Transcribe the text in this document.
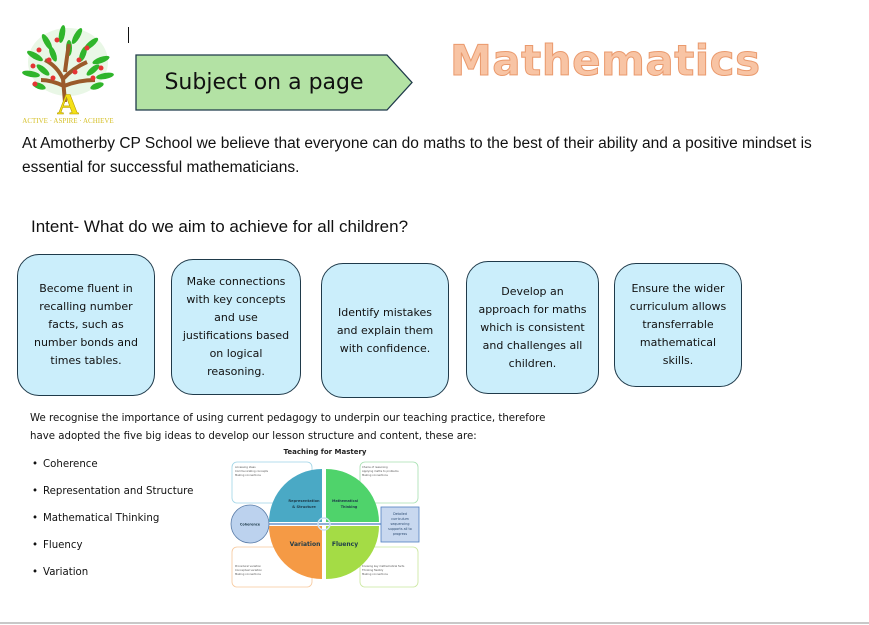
A
ACTIVE · ASPIRE · ACHIEVE
Subject on a page	Mathematics
At Amotherby CP School we believe that everyone can do maths to the best of their ability and a positive mindset is essential for successful mathematicians.
Intent- What do we aim to achieve for all children?
Become fluent in recalling number facts, such as number bonds and times tables.
Make connections with key concepts and use justifications based on logical reasoning.
Identify mistakes and explain them with confidence.
Develop an approach for maths which is consistent and challenges all children.
Ensure the wider curriculum allows transferrable mathematical skills.
We recognise the importance of using current pedagogy to underpin our teaching practice, therefore have adopted the five big ideas to develop our lesson structure and content, these are:
• Coherence
• Representation and Structure
• Mathematical Thinking
• Fluency
• Variation
Teaching for Mastery
Accessing ideas
Communicating concepts
Making connections
Chains of reasoning
Applying maths to problems
Making connections
Procedural variation
Conceptual variation
Making connections
Knowing key mathematical facts
Thinking flexibly
Making connections
Representation
& Structure
Mathematical
Thinking
Variation Fluency
Coherence
Detailed
curriculum
sequencing
supports all to
progress
